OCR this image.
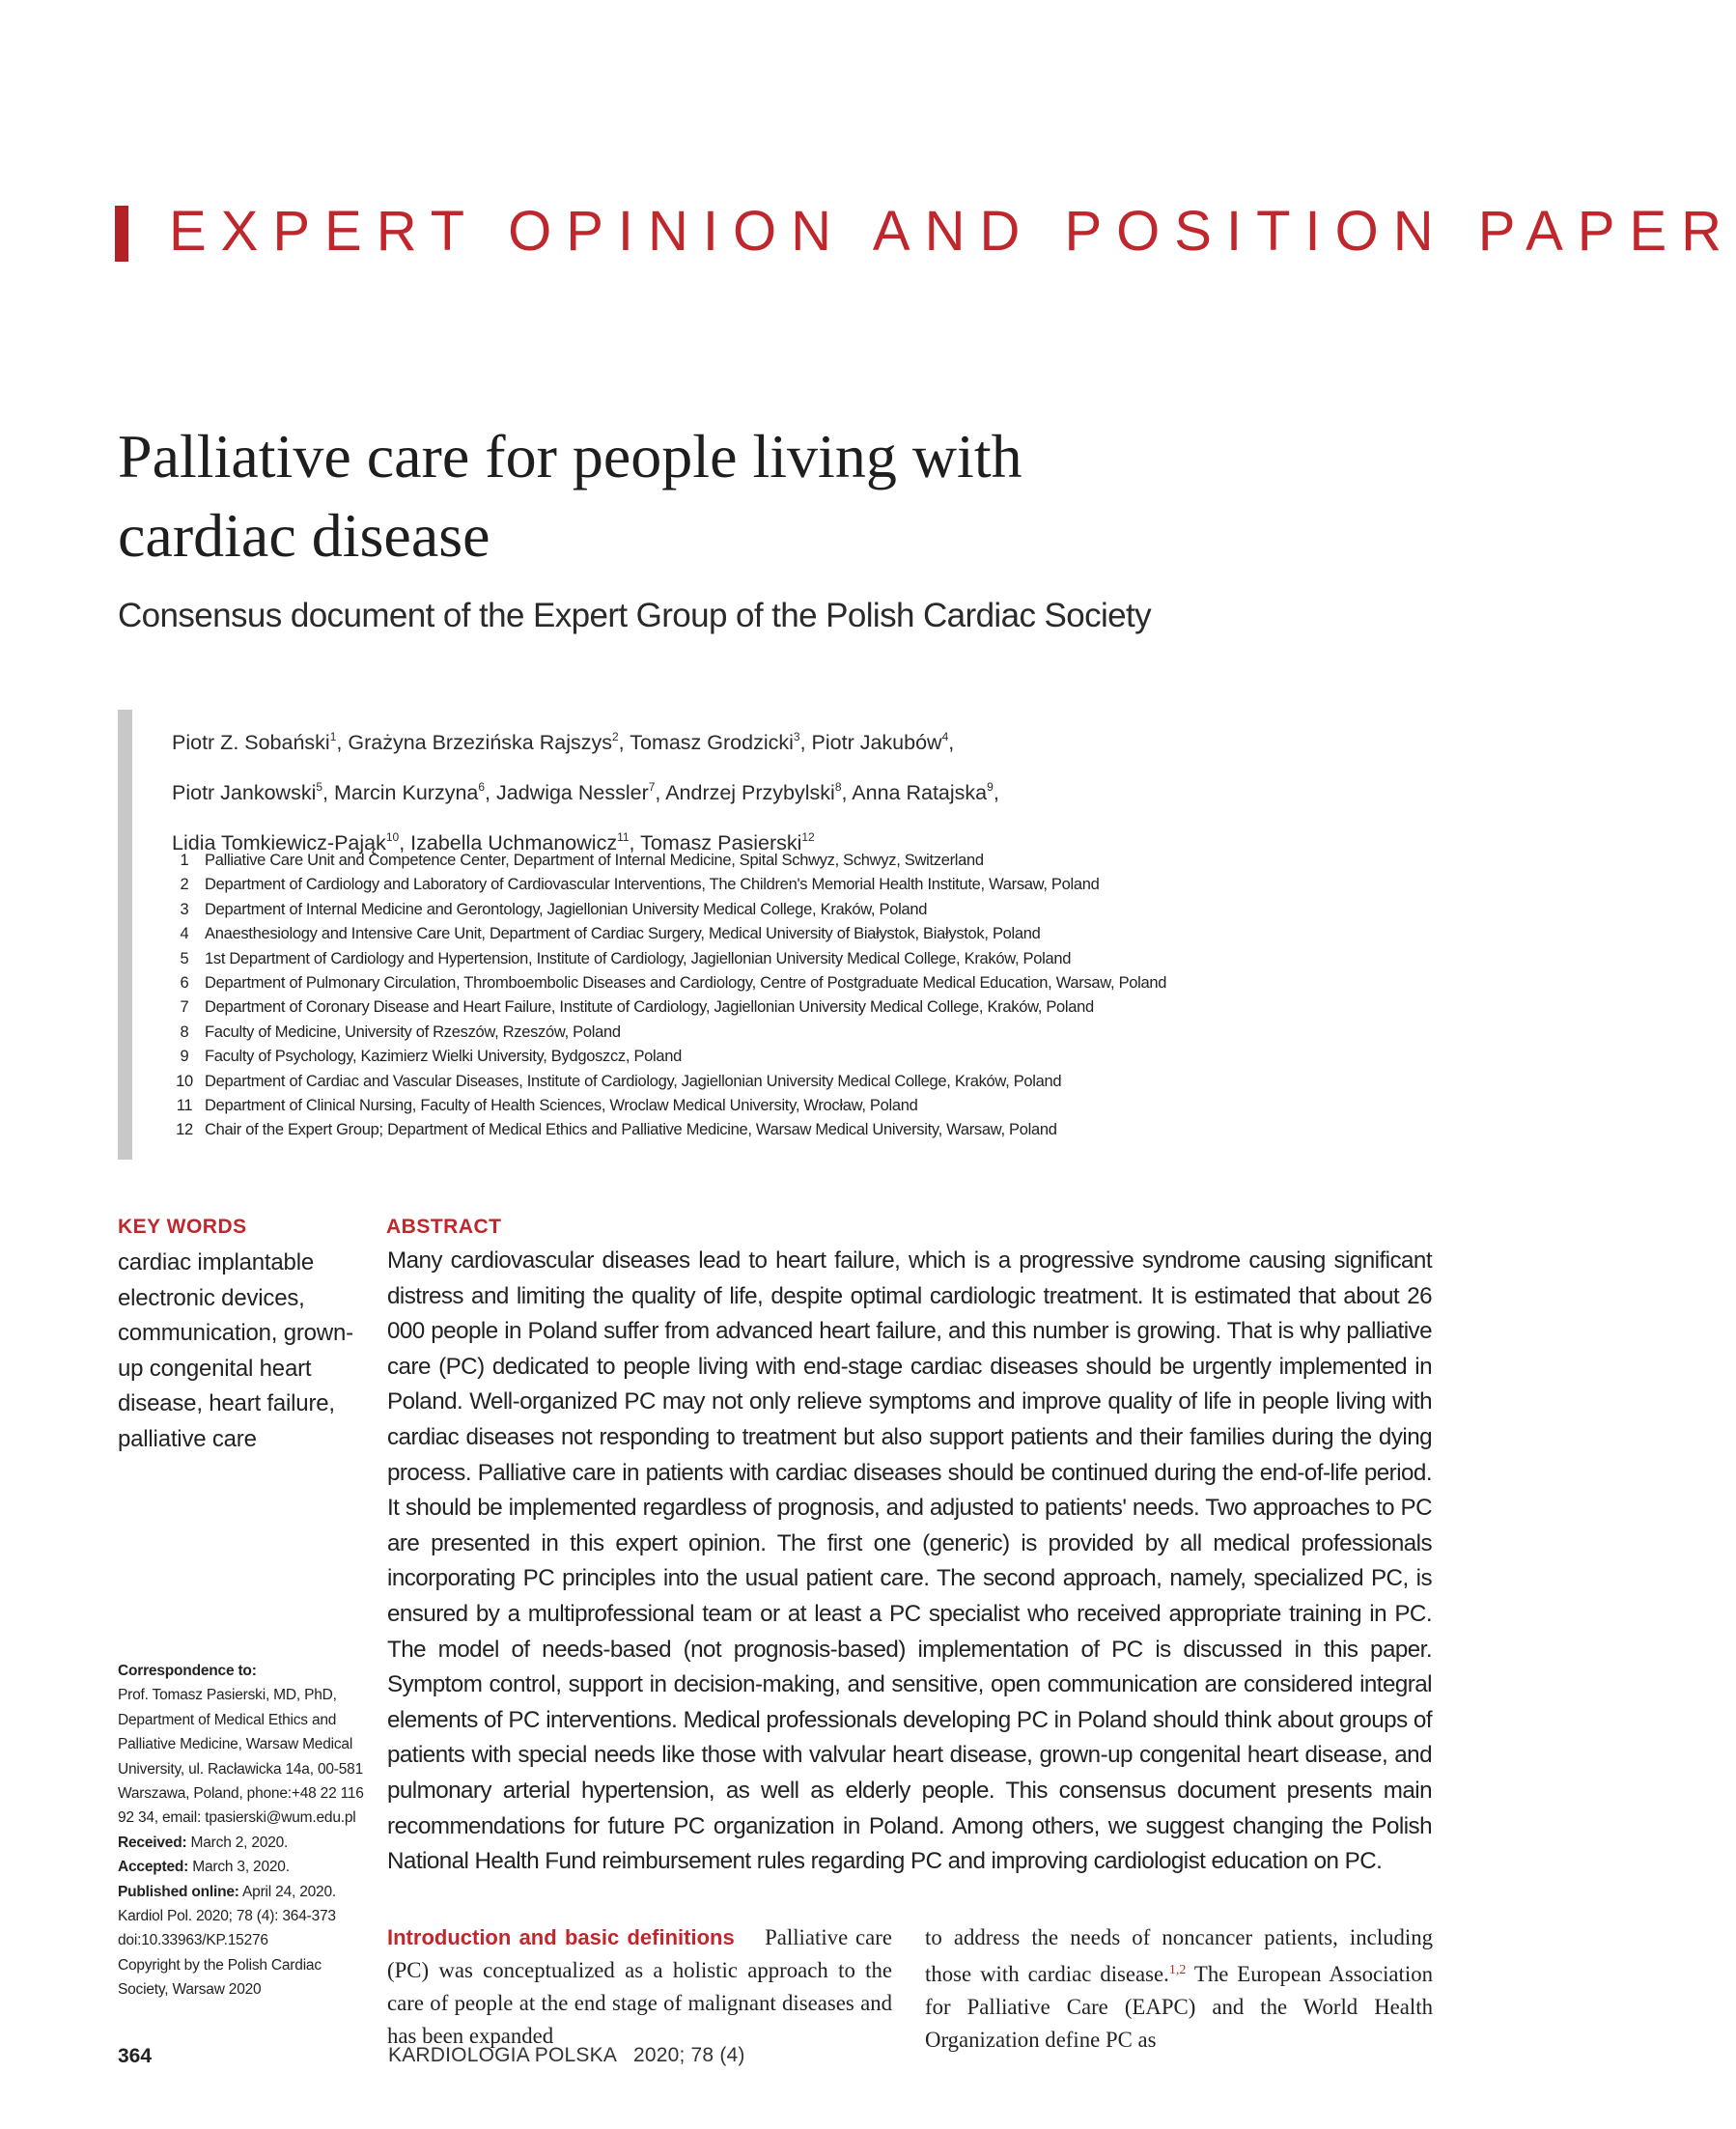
EXPERT OPINION AND POSITION PAPER
Palliative care for people living with
cardiac disease
Consensus document of the Expert Group of the Polish Cardiac Society
Piotr Z. Sobański$^1$, Grażyna Brzezińska Rajszys$^2$, Tomasz Grodzicki$^3$, Piotr Jakubów$^4$,
Piotr Jankowski$^5$, Marcin Kurzyna$^6$, Jadwiga Nessler$^7$, Andrzej Przybylski$^8$, Anna Ratajska$^9$,
Lidia Tomkiewicz-Pająk$^{10}$, Izabella Uchmanowicz$^{11}$, Tomasz Pasierski$^{12}$
1 Palliative Care Unit and Competence Center, Department of Internal Medicine, Spital Schwyz, Schwyz, Switzerland
2 Department of Cardiology and Laboratory of Cardiovascular Interventions, The Children's Memorial Health Institute, Warsaw, Poland
3 Department of Internal Medicine and Gerontology, Jagiellonian University Medical College, Kraków, Poland
4 Anaesthesiology and Intensive Care Unit, Department of Cardiac Surgery, Medical University of Białystok, Białystok, Poland
5 1st Department of Cardiology and Hypertension, Institute of Cardiology, Jagiellonian University Medical College, Kraków, Poland
6 Department of Pulmonary Circulation, Thromboembolic Diseases and Cardiology, Centre of Postgraduate Medical Education, Warsaw, Poland
7 Department of Coronary Disease and Heart Failure, Institute of Cardiology, Jagiellonian University Medical College, Kraków, Poland
8 Faculty of Medicine, University of Rzeszów, Rzeszów, Poland
9 Faculty of Psychology, Kazimierz Wielki University, Bydgoszcz, Poland
10 Department of Cardiac and Vascular Diseases, Institute of Cardiology, Jagiellonian University Medical College, Kraków, Poland
11 Department of Clinical Nursing, Faculty of Health Sciences, Wroclaw Medical University, Wrocław, Poland
12 Chair of the Expert Group; Department of Medical Ethics and Palliative Medicine, Warsaw Medical University, Warsaw, Poland
KEY WORDS
cardiac implantable electronic devices, communication, grown-up congenital heart disease, heart failure, palliative care
ABSTRACT
Many cardiovascular diseases lead to heart failure, which is a progressive syndrome causing significant distress and limiting the quality of life, despite optimal cardiologic treatment. It is estimated that about 26 000 people in Poland suffer from advanced heart failure, and this number is growing. That is why palliative care (PC) dedicated to people living with end-stage cardiac diseases should be urgently implemented in Poland. Well-organized PC may not only relieve symptoms and improve quality of life in people living with cardiac diseases not responding to treatment but also support patients and their families during the dying process. Palliative care in patients with cardiac diseases should be continued during the end-of-life period. It should be implemented regardless of prognosis, and adjusted to patients' needs. Two approaches to PC are presented in this expert opinion. The first one (generic) is provided by all medical professionals incorporating PC principles into the usual patient care. The second approach, namely, specialized PC, is ensured by a multiprofessional team or at least a PC specialist who received appropriate training in PC. The model of needs-based (not prognosis-based) implementation of PC is discussed in this paper. Symptom control, support in decision-making, and sensitive, open communication are considered integral elements of PC interventions. Medical professionals developing PC in Poland should think about groups of patients with special needs like those with valvular heart disease, grown-up congenital heart disease, and pulmonary arterial hypertension, as well as elderly people. This consensus document presents main recommendations for future PC organization in Poland. Among others, we suggest changing the Polish National Health Fund reimbursement rules regarding PC and improving cardiologist education on PC.
Correspondence to:
Prof. Tomasz Pasierski, MD, PhD, Department of Medical Ethics and Palliative Medicine, Warsaw Medical University, ul. Racławicka 14a, 00-581 Warszawa, Poland, phone:+48 22 116 92 34, email: tpasierski@wum.edu.pl
Received: March 2, 2020.
Accepted: March 3, 2020.
Published online: April 24, 2020.
Kardiol Pol. 2020; 78 (4): 364-373
doi:10.33963/KP.15276
Copyright by the Polish Cardiac Society, Warsaw 2020
Introduction and basic definitions Palliative care (PC) was conceptualized as a holistic approach to the care of people at the end stage of malignant diseases and has been expanded
to address the needs of noncancer patients, including those with cardiac disease.$^{1,2}$ The European Association for Palliative Care (EAPC) and the World Health Organization define PC as
364	KARDIOLOGIA POLSKA   2020; 78 (4)
